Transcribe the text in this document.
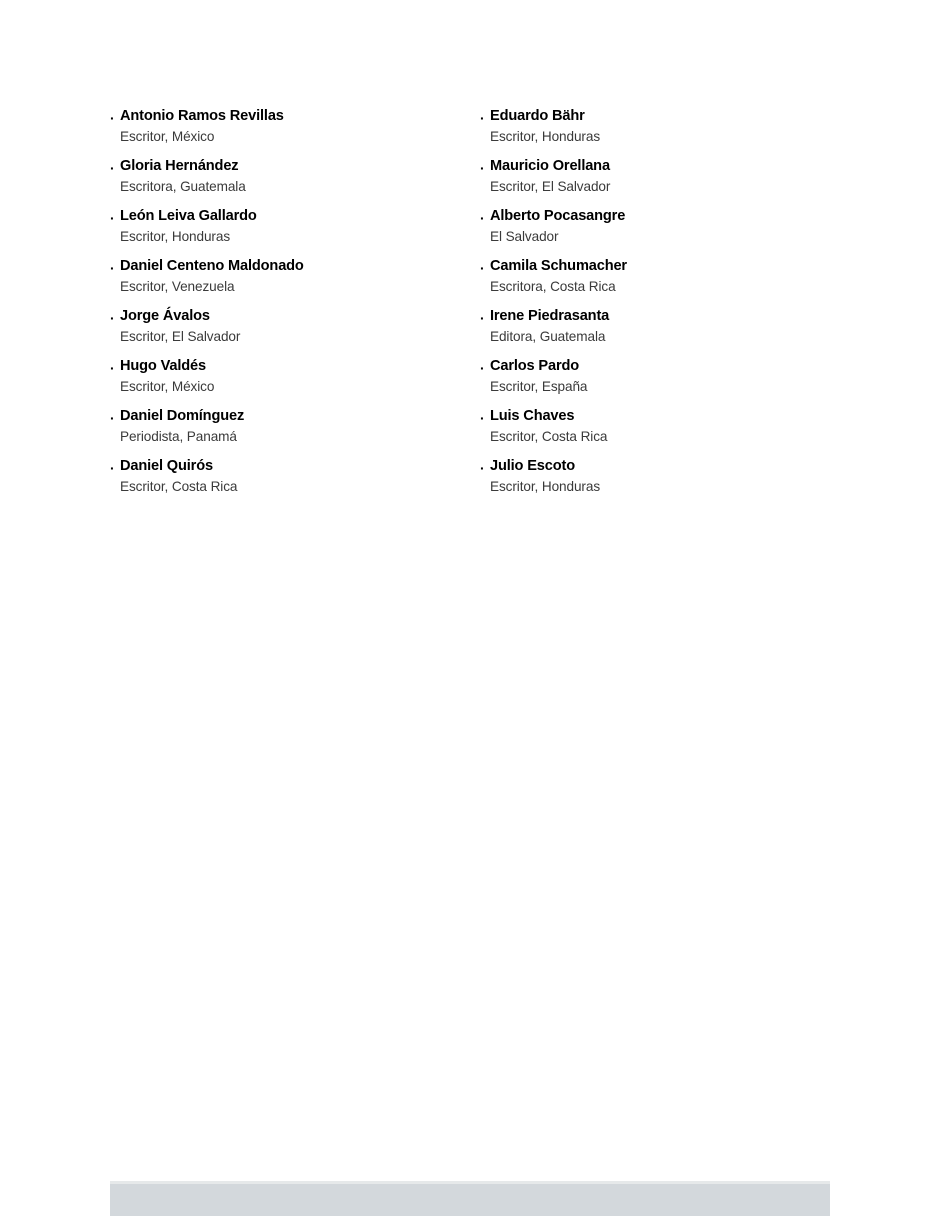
· Antonio Ramos Revillas
Escritor, México
· Gloria Hernández
Escritora, Guatemala
· León Leiva Gallardo
Escritor, Honduras
· Daniel Centeno Maldonado
Escritor, Venezuela
· Jorge Ávalos
Escritor, El Salvador
· Hugo Valdés
Escritor, México
· Daniel Domínguez
Periodista, Panamá
· Daniel Quirós
Escritor, Costa Rica
· Eduardo Bähr
Escritor, Honduras
· Mauricio Orellana
Escritor, El Salvador
· Alberto Pocasangre
El Salvador
· Camila Schumacher
Escritora, Costa Rica
· Irene Piedrasanta
Editora, Guatemala
· Carlos Pardo
Escritor, España
· Luis Chaves
Escritor, Costa Rica
· Julio Escoto
Escritor, Honduras
